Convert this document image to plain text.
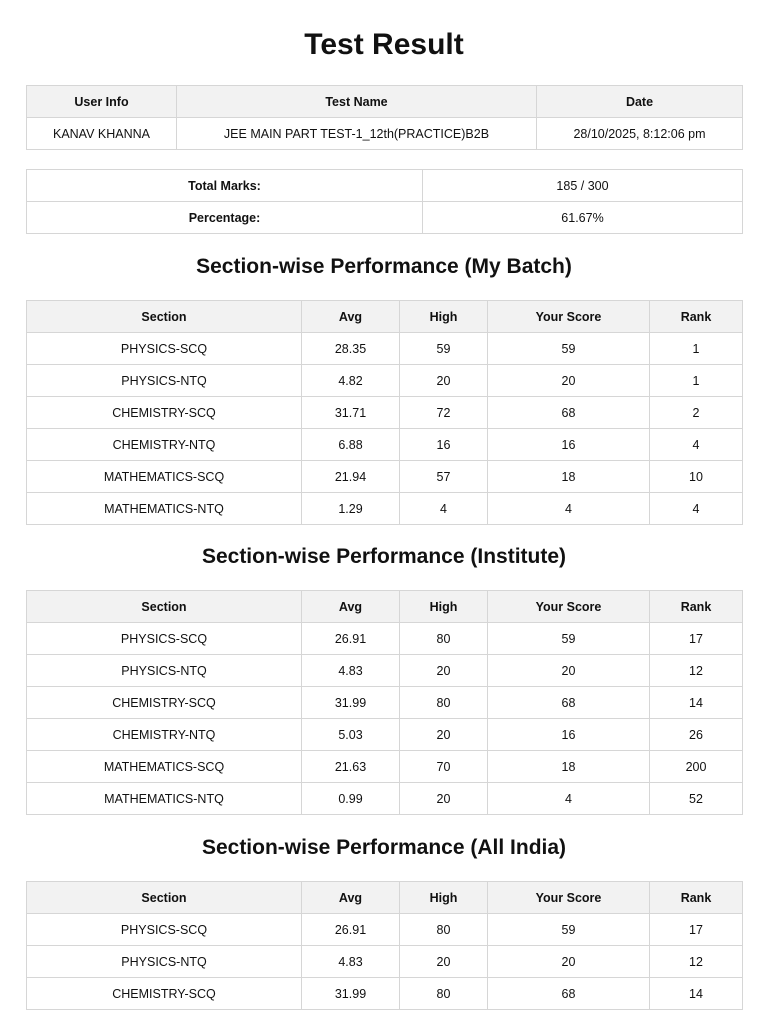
Test Result
User Info	Test Name	Date
KANAV KHANNA	JEE MAIN PART TEST-1_12th(PRACTICE)B2B	28/10/2025, 8:12:06 pm
Total Marks:	185 / 300
Percentage:	61.67%
Section-wise Performance (My Batch)
Section	Avg	High	Your Score	Rank
PHYSICS-SCQ	28.35	59	59	1
PHYSICS-NTQ	4.82	20	20	1
CHEMISTRY-SCQ	31.71	72	68	2
CHEMISTRY-NTQ	6.88	16	16	4
MATHEMATICS-SCQ	21.94	57	18	10
MATHEMATICS-NTQ	1.29	4	4	4
Section-wise Performance (Institute)
Section	Avg	High	Your Score	Rank
PHYSICS-SCQ	26.91	80	59	17
PHYSICS-NTQ	4.83	20	20	12
CHEMISTRY-SCQ	31.99	80	68	14
CHEMISTRY-NTQ	5.03	20	16	26
MATHEMATICS-SCQ	21.63	70	18	200
MATHEMATICS-NTQ	0.99	20	4	52
Section-wise Performance (All India)
Section	Avg	High	Your Score	Rank
PHYSICS-SCQ	26.91	80	59	17
PHYSICS-NTQ	4.83	20	20	12
CHEMISTRY-SCQ	31.99	80	68	14
